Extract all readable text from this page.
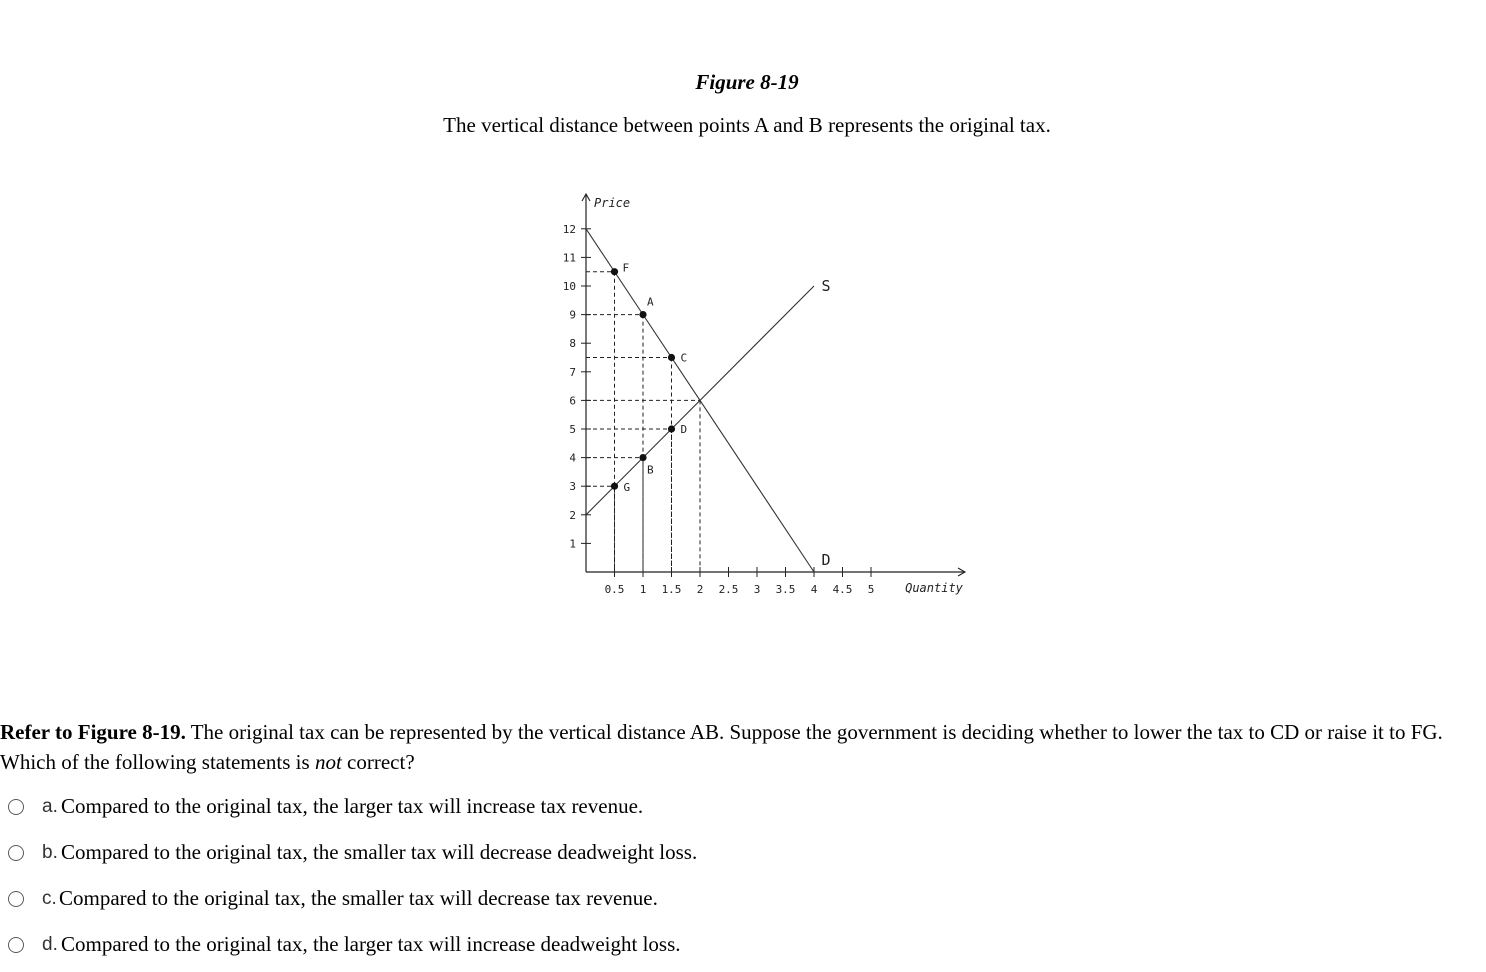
Figure 8-19
The vertical distance between points A and B represents the original tax.
Price
Quantity
1
2
3
4
5
6
7
8
9
10
11
12
0.5 1 1.5 2 2.5 3 3.5 4 4.5 5
D
S
F
A
C
D
B
G
Refer to Figure 8-19. The original tax can be represented by the vertical distance AB. Suppose the government is deciding whether to lower the tax to CD or raise it to FG. Which of the following statements is not correct?
a. Compared to the original tax, the larger tax will increase tax revenue.
b. Compared to the original tax, the smaller tax will decrease deadweight loss.
c. Compared to the original tax, the smaller tax will decrease tax revenue.
d. Compared to the original tax, the larger tax will increase deadweight loss.
